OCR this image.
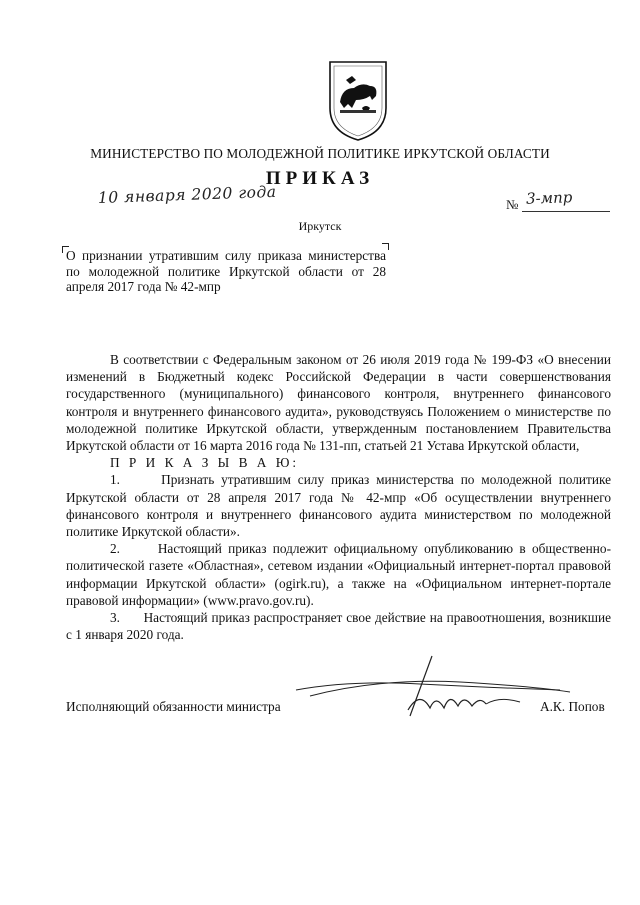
МИНИСТЕРСТВО ПО МОЛОДЕЖНОЙ ПОЛИТИКЕ ИРКУТСКОЙ ОБЛАСТИ
ПРИКАЗ
10 января 2020 года	№ 3-мпр
Иркутск
О признании утратившим силу приказа министерства по молодежной политике Иркутской области от 28 апреля 2017 года № 42-мпр

В соответствии с Федеральным законом от 26 июля 2019 года № 199-ФЗ «О внесении изменений в Бюджетный кодекс Российской Федерации в части совершенствования государственного (муниципального) финансового контроля, внутреннего финансового контроля и внутреннего финансового аудита», руководствуясь Положением о министерстве по молодежной политике Иркутской области, утвержденным постановлением Правительства Иркутской области от 16 марта 2016 года № 131-пп, статьей 21 Устава Иркутской области,

П Р И К А З Ы В А Ю:

1.      Признать утратившим силу приказ министерства по молодежной политике Иркутской области от 28 апреля 2017 года № 42-мпр «Об осуществлении внутреннего финансового контроля и внутреннего финансового аудита министерством по молодежной политике Иркутской области».

2.      Настоящий приказ подлежит официальному опубликованию в общественно-политической газете «Областная», сетевом издании «Официальный интернет-портал правовой информации Иркутской области» (ogirk.ru), а также на «Официальном интернет-портале правовой информации» (www.pravo.gov.ru).

3.      Настоящий приказ распространяет свое действие на правоотношения, возникшие с 1 января 2020 года.

Исполняющий обязанности министра	А.К. Попов
